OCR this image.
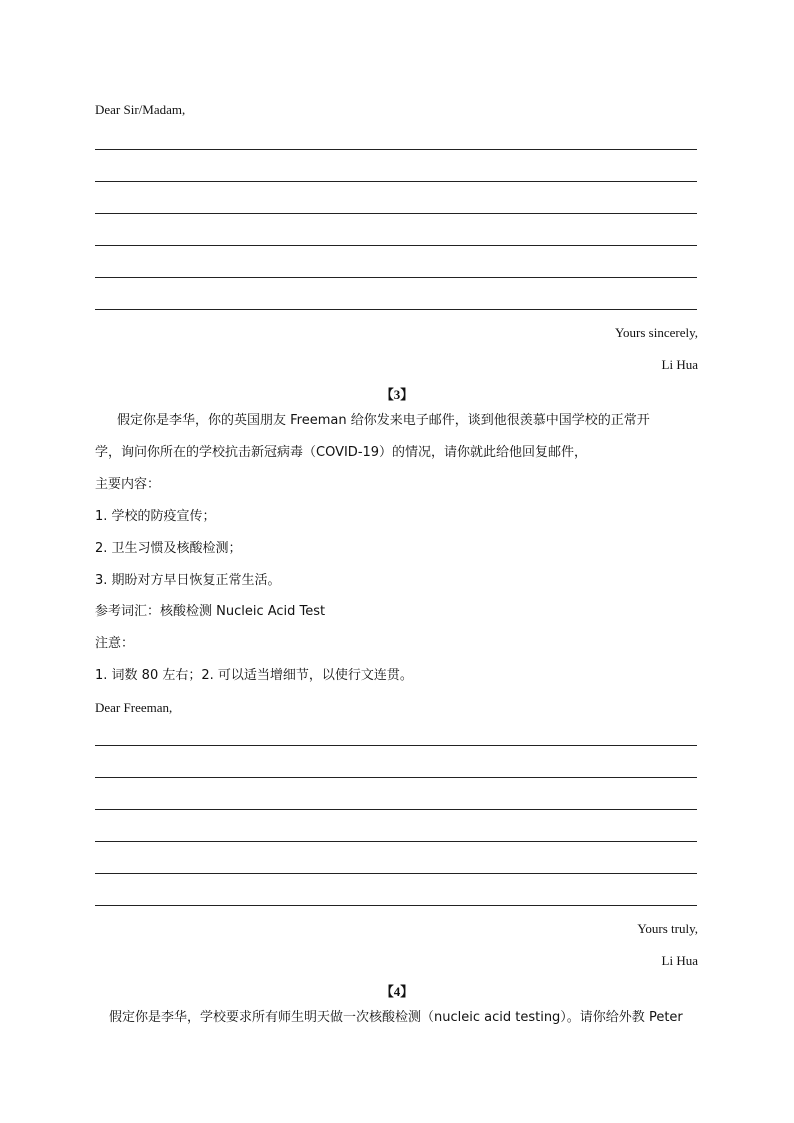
Dear Sir/Madam,
Yours sincerely,
Li Hua
【3】
假定你是李华，你的英国朋友 Freeman 给你发来电子邮件，谈到他很羡慕中国学校的正常开
学，询问你所在的学校抗击新冠病毒（COVID-19）的情况，请你就此给他回复邮件，
主要内容：
1. 学校的防疫宣传；
2. 卫生习惯及核酸检测；
3. 期盼对方早日恢复正常生活。
参考词汇：核酸检测 Nucleic Acid Test
注意：
1. 词数 80 左右；2. 可以适当增细节，以使行文连贯。
Dear Freeman,
Yours truly,
Li Hua
【4】
假定你是李华，学校要求所有师生明天做一次核酸检测（nucleic acid testing）。请你给外教 Peter
